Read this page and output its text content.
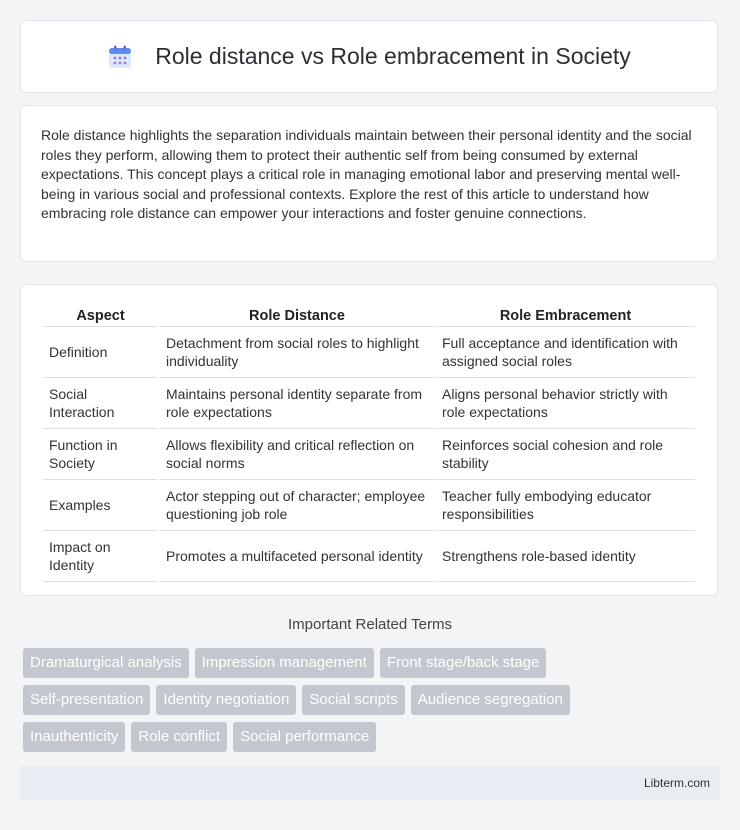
Role distance vs Role embracement in Society

Role distance highlights the separation individuals maintain between their personal identity and the social roles they perform, allowing them to protect their authentic self from being consumed by external expectations. This concept plays a critical role in managing emotional labor and preserving mental well-being in various social and professional contexts. Explore the rest of this article to understand how embracing role distance can empower your interactions and foster genuine connections.

Aspect	Role Distance	Role Embracement
Definition	Detachment from social roles to highlight individuality	Full acceptance and identification with assigned social roles
Social Interaction	Maintains personal identity separate from role expectations	Aligns personal behavior strictly with role expectations
Function in Society	Allows flexibility and critical reflection on social norms	Reinforces social cohesion and role stability
Examples	Actor stepping out of character; employee questioning job role	Teacher fully embodying educator responsibilities
Impact on Identity	Promotes a multifaceted personal identity	Strengthens role-based identity
Important Related Terms
Dramaturgical analysis	Impression management	Front stage/back stage
Self-presentation	Identity negotiation	Social scripts	Audience segregation
Inauthenticity	Role conflict	Social performance
Libterm.com
